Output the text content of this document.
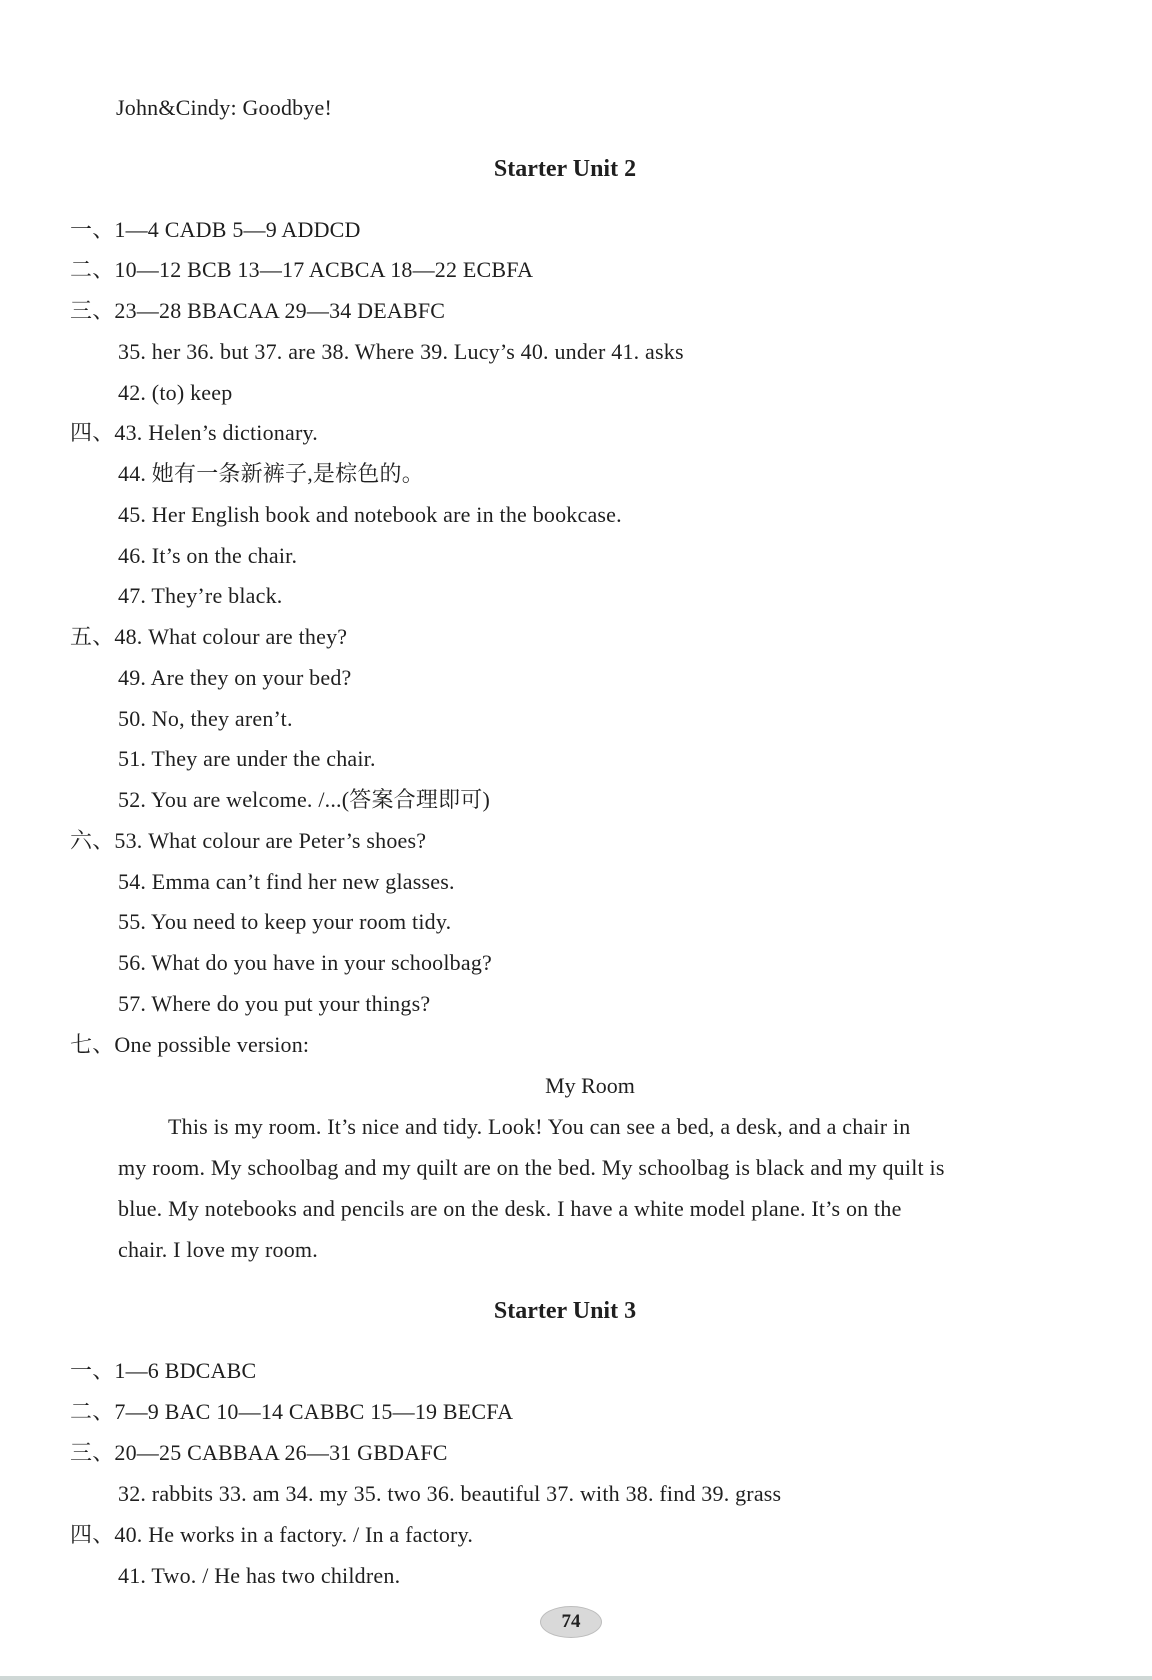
John&Cindy: Goodbye!
Starter Unit 2
一、1—4 CADB 5—9 ADDCD
二、10—12 BCB 13—17 ACBCA 18—22 ECBFA
三、23—28 BBACAA 29—34 DEABFC
35. her 36. but 37. are 38. Where 39. Lucy’s 40. under 41. asks
42. (to) keep
四、43. Helen’s dictionary.
44. 她有一条新裤子,是棕色的。
45. Her English book and notebook are in the bookcase.
46. It’s on the chair.
47. They’re black.
五、48. What colour are they?
49. Are they on your bed?
50. No, they aren’t.
51. They are under the chair.
52. You are welcome. /...(答案合理即可)
六、53. What colour are Peter’s shoes?
54. Emma can’t find her new glasses.
55. You need to keep your room tidy.
56. What do you have in your schoolbag?
57. Where do you put your things?
七、One possible version:
My Room
This is my room. It’s nice and tidy. Look! You can see a bed, a desk, and a chair in
my room. My schoolbag and my quilt are on the bed. My schoolbag is black and my quilt is
blue. My notebooks and pencils are on the desk. I have a white model plane. It’s on the
chair. I love my room.
Starter Unit 3
一、1—6 BDCABC
二、7—9 BAC 10—14 CABBC 15—19 BECFA
三、20—25 CABBAA 26—31 GBDAFC
32. rabbits 33. am 34. my 35. two 36. beautiful 37. with 38. find 39. grass
四、40. He works in a factory. / In a factory.
41. Two. / He has two children.
74
